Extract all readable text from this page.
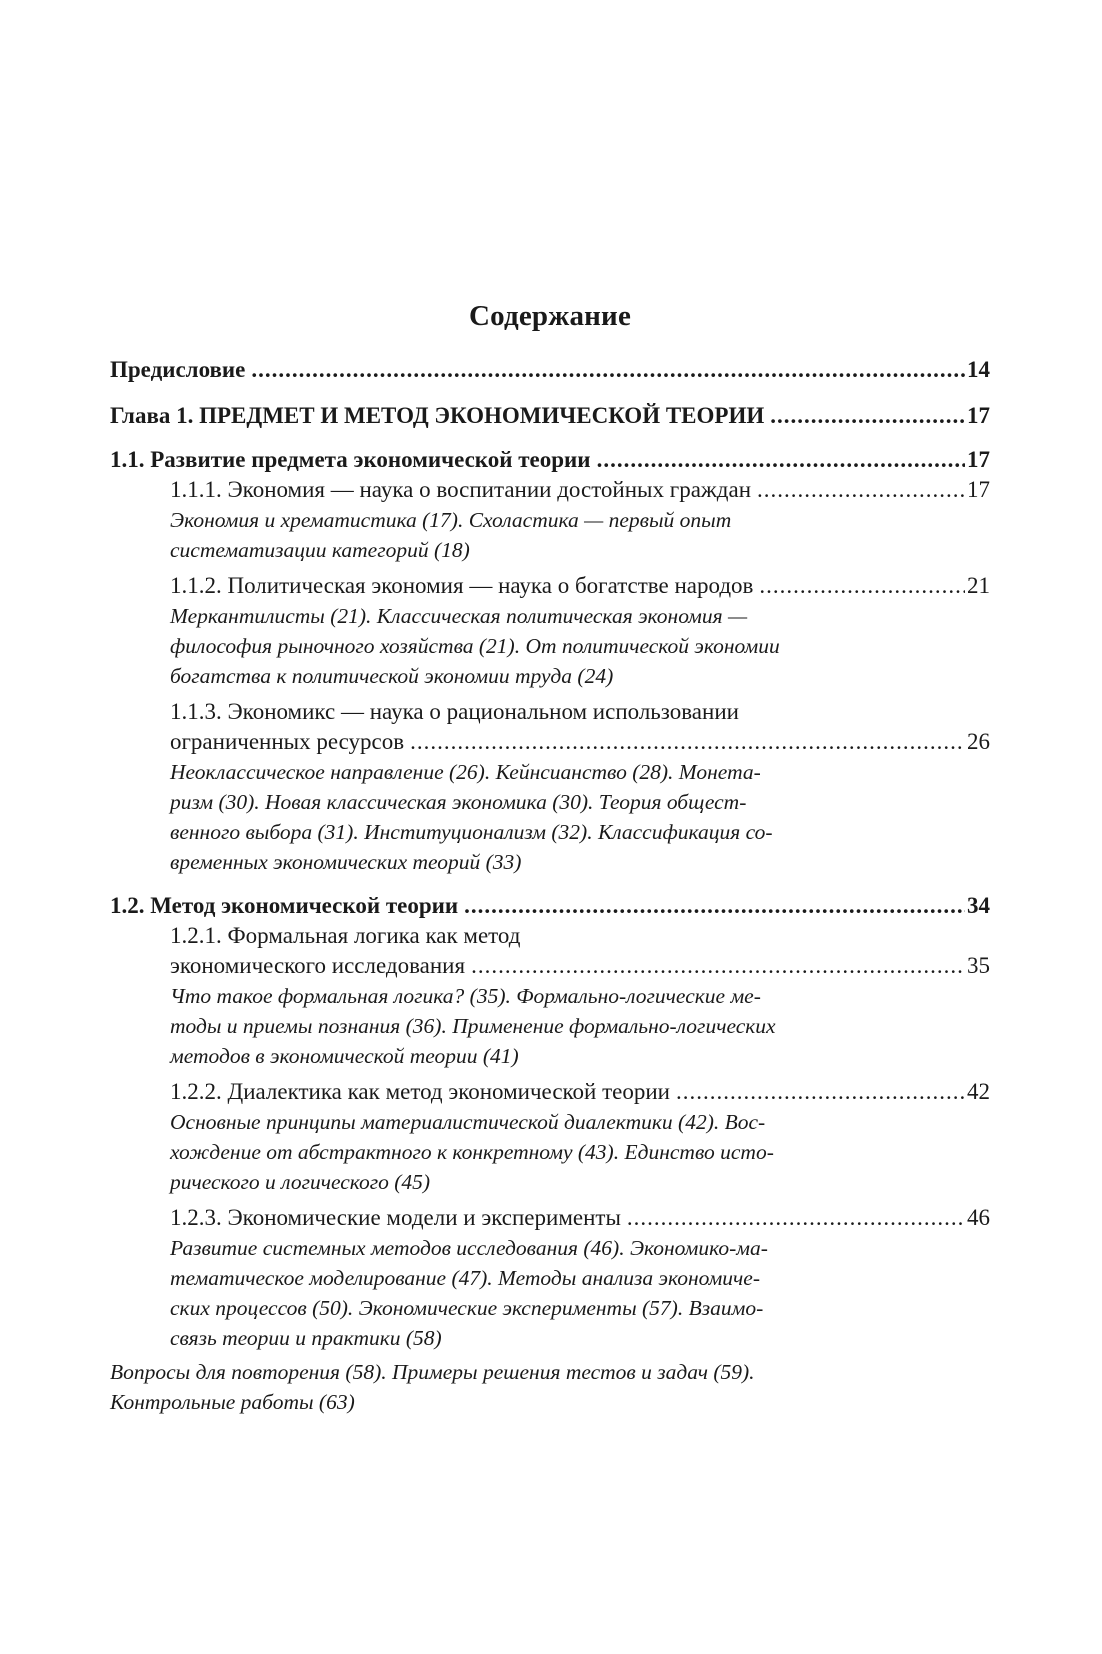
Содержание
Предисловие .....	14
Глава 1. ПРЕДМЕТ И МЕТОД ЭКОНОМИЧЕСКОЙ ТЕОРИИ .....	17
1.1. Развитие предмета экономической теории .....	17
1.1.1. Экономия — наука о воспитании достойных граждан .....	17
Экономия и хрематистика (17). Схоластика — первый опыт
систематизации категорий (18)
1.1.2. Политическая экономия — наука о богатстве народов .....	21
Меркантилисты (21). Классическая политическая экономия —
философия рыночного хозяйства (21). От политической экономии
богатства к политической экономии труда (24)
1.1.3. Экономикс — наука о рациональном использовании
ограниченных ресурсов .....	26
Неоклассическое направление (26). Кейнсианство (28). Монета-
ризм (30). Новая классическая экономика (30). Теория общест-
венного выбора (31). Институционализм (32). Классификация со-
временных экономических теорий (33)
1.2. Метод экономической теории .....	34
1.2.1. Формальная логика как метод
экономического исследования .....	35
Что такое формальная логика? (35). Формально-логические ме-
тоды и приемы познания (36). Применение формально-логических
методов в экономической теории (41)
1.2.2. Диалектика как метод экономической теории .....	42
Основные принципы материалистической диалектики (42). Вос-
хождение от абстрактного к конкретному (43). Единство исто-
рического и логического (45)
1.2.3. Экономические модели и эксперименты .....	46
Развитие системных методов исследования (46). Экономико-ма-
тематическое моделирование (47). Методы анализа экономиче-
ских процессов (50). Экономические эксперименты (57). Взаимо-
связь теории и практики (58)
Вопросы для повторения (58). Примеры решения тестов и задач (59).
Контрольные работы (63)
